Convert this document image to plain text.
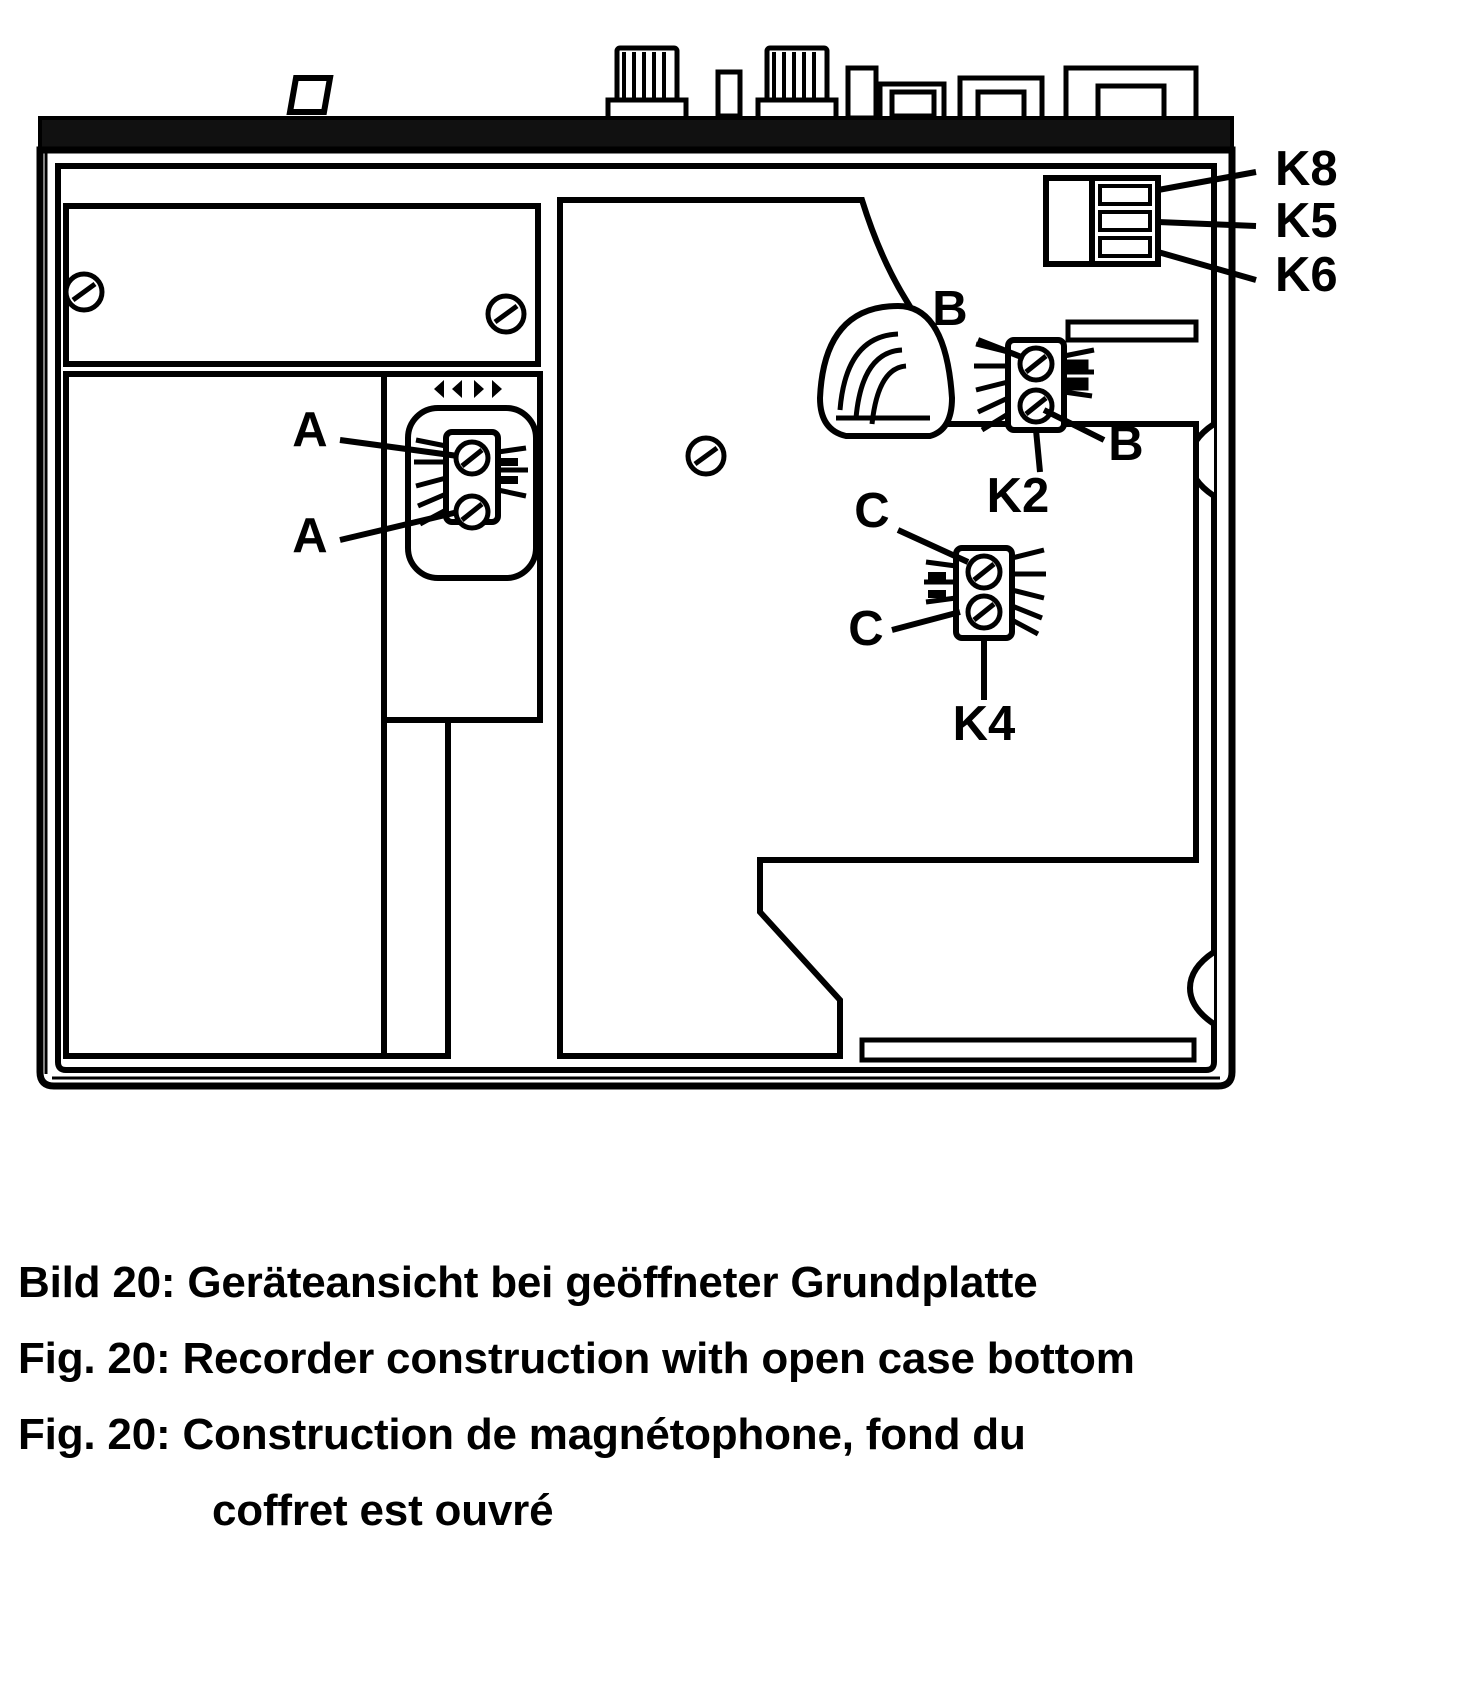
K8
K5
K6
B
B
K2
C
C
K4
A
A

Bild 20: Geräteansicht bei geöffneter Grundplatte

Fig. 20: Recorder construction with open case bottom

Fig. 20: Construction de magnétophone, fond du

coffret est ouvré
